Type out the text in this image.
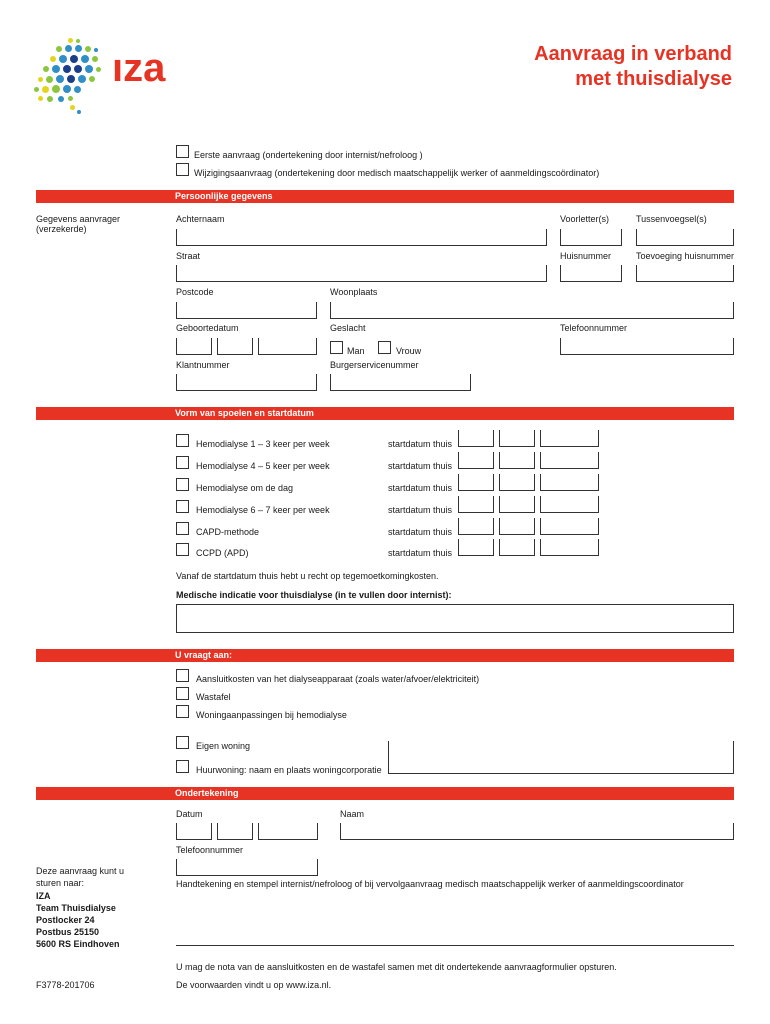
ıza	Aanvraag in verband
met thuisdialyse
Eerste aanvraag (ondertekening door internist/nefroloog )
Wijzigingsaanvraag (ondertekening door medisch maatschappelijk werker of aanmeldingscoördinator)
Persoonlijke gegevens
Gegevens aanvrager
(verzekerde)
Achternaam	Voorletter(s)	Tussenvoegsel(s)
Straat	Huisnummer	Toevoeging huisnummer
Postcode	Woonplaats
Geboortedatum	Geslacht	Telefoonnummer
Man	Vrouw
Klantnummer	Burgerservicenummer
Vorm van spoelen en startdatum
Hemodialyse 1 – 3 keer per week	startdatum thuis
Hemodialyse 4 – 5 keer per week	startdatum thuis
Hemodialyse om de dag	startdatum thuis
Hemodialyse 6 – 7 keer per week	startdatum thuis
CAPD-methode	startdatum thuis
CCPD (APD)	startdatum thuis
Vanaf de startdatum thuis hebt u recht op tegemoetkomingkosten.
Medische indicatie voor thuisdialyse (in te vullen door internist):
U vraagt aan:
Aansluitkosten van het dialyseapparaat (zoals water/afvoer/elektriciteit)
Wastafel
Woningaanpassingen bij hemodialyse
Eigen woning
Huurwoning: naam en plaats woningcorporatie
Ondertekening
Datum	Naam
Telefoonnummer
Handtekening en stempel internist/nefroloog of bij vervolgaanvraag medisch maatschappelijk werker of aanmeldingscoordinator
Deze aanvraag kunt u
sturen naar:
IZA
Team Thuisdialyse
Postlocker 24
Postbus 25150
5600 RS Eindhoven
U mag de nota van de aansluitkosten en de wastafel samen met dit ondertekende aanvraagformulier opsturen.
F3778-201706	De voorwaarden vindt u op www.iza.nl.
